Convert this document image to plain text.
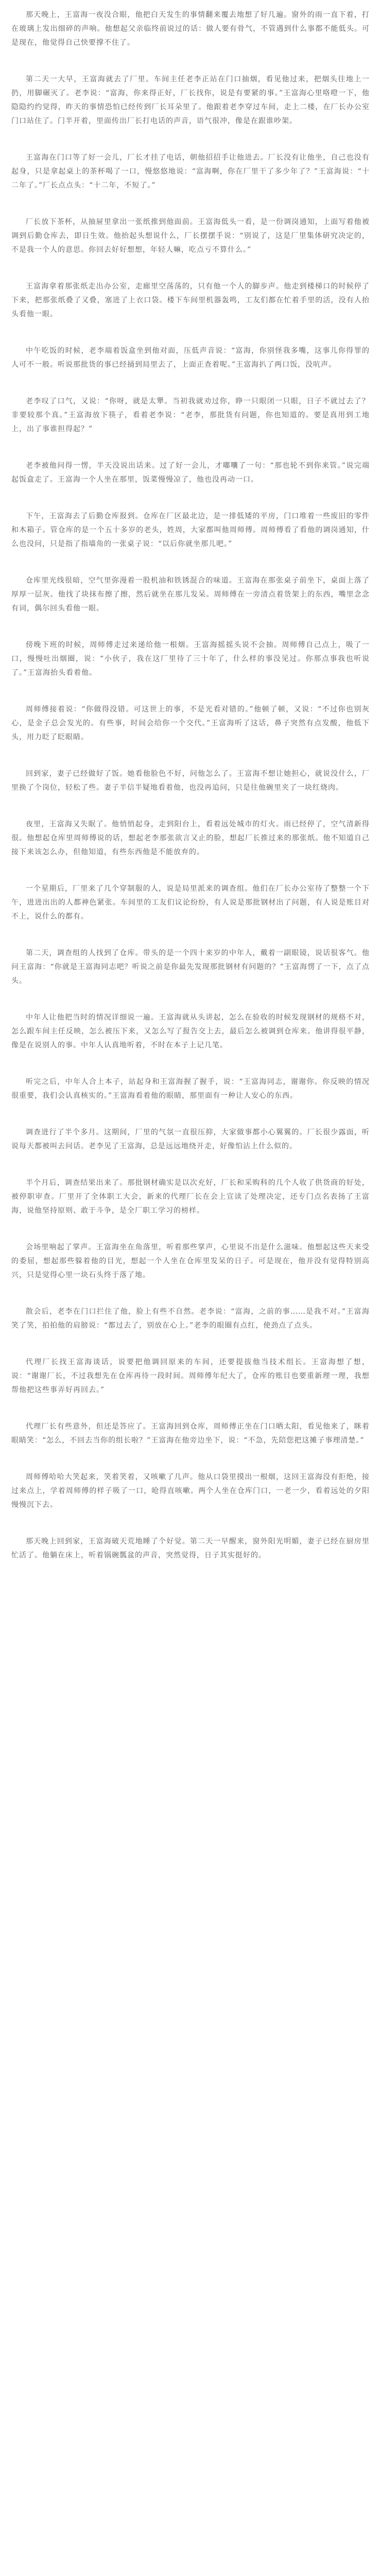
那天晚上，王富海一夜没合眼，他把白天发生的事情翻来覆去地想了好几遍。窗外的雨一直下着，打在玻璃上发出细碎的声响。他想起父亲临终前说过的话：做人要有骨气，不管遇到什么事都不能低头。可是现在，他觉得自己快要撑不住了。

第二天一大早，王富海就去了厂里。车间主任老李正站在门口抽烟，看见他过来，把烟头往地上一扔，用脚碾灭了。老李说：“富海，你来得正好，厂长找你，说是有要紧的事。”王富海心里咯噔一下，他隐隐约约觉得，昨天的事情恐怕已经传到厂长耳朵里了。他跟着老李穿过车间，走上二楼，在厂长办公室门口站住了。门半开着，里面传出厂长打电话的声音，语气很冲，像是在跟谁吵架。

王富海在门口等了好一会儿，厂长才挂了电话，朝他招招手让他进去。厂长没有让他坐，自己也没有起身，只是拿起桌上的茶杯喝了一口，慢悠悠地说：“富海啊，你在厂里干了多少年了？”王富海说：“十二年了。”厂长点点头：“十二年，不短了。”

厂长放下茶杯，从抽屉里拿出一张纸推到他面前。王富海低头一看，是一份调岗通知，上面写着他被调到后勤仓库去，即日生效。他抬起头想说什么，厂长摆摆手说：“别说了，这是厂里集体研究决定的，不是我一个人的意思。你回去好好想想，年轻人嘛，吃点亏不算什么。”

王富海拿着那张纸走出办公室，走廊里空荡荡的，只有他一个人的脚步声。他走到楼梯口的时候停了下来，把那张纸叠了又叠，塞进了上衣口袋。楼下车间里机器轰鸣，工友们都在忙着手里的活，没有人抬头看他一眼。

中午吃饭的时候，老李端着饭盒坐到他对面，压低声音说：“富海，你别怪我多嘴，这事儿你得罪的人可不一般。听说那批货的事已经捅到局里去了，上面正查着呢。”王富海扒了两口饭，没吭声。

老李叹了口气，又说：“你呀，就是太犟。当初我就劝过你，睁一只眼闭一只眼，日子不就过去了？非要较那个真。”王富海放下筷子，看着老李说：“老李，那批货有问题，你也知道的。要是真用到工地上，出了事谁担得起？”

老李被他问得一愣，半天没说出话来。过了好一会儿，才嘟囔了一句：“那也轮不到你来管。”说完端起饭盒走了。王富海一个人坐在那里，饭菜慢慢凉了，他也没再动一口。

下午，王富海去了后勤仓库报到。仓库在厂区最北边，是一排低矮的平房，门口堆着一些废旧的零件和木箱子。管仓库的是一个五十多岁的老头，姓周，大家都叫他周师傅。周师傅看了看他的调岗通知，什么也没问，只是指了指墙角的一张桌子说：“以后你就坐那儿吧。”

仓库里光线很暗，空气里弥漫着一股机油和铁锈混合的味道。王富海在那张桌子前坐下，桌面上落了厚厚一层灰。他找了块抹布擦了擦，然后就坐在那儿发呆。周师傅在一旁清点着货架上的东西，嘴里念念有词，偶尔回头看他一眼。

傍晚下班的时候，周师傅走过来递给他一根烟。王富海摇摇头说不会抽。周师傅自己点上，吸了一口，慢慢吐出烟圈，说：“小伙子，我在这厂里待了三十年了，什么样的事没见过。你那点事我也听说了。”王富海抬头看着他。

周师傅接着说：“你做得没错。可这世上的事，不是光看对错的。”他顿了顿，又说：“不过你也别灰心，是金子总会发光的。有些事，时间会给你一个交代。”王富海听了这话，鼻子突然有点发酸，他低下头，用力眨了眨眼睛。

回到家，妻子已经做好了饭。她看他脸色不好，问他怎么了。王富海不想让她担心，就说没什么，厂里换了个岗位，轻松了些。妻子半信半疑地看着他，也没再追问，只是往他碗里夹了一块红烧肉。

夜里，王富海又失眠了。他悄悄起身，走到阳台上，看着远处城市的灯火。雨已经停了，空气清新得很。他想起仓库里周师傅说的话，想起老李那张欲言又止的脸，想起厂长推过来的那张纸。他不知道自己接下来该怎么办，但他知道，有些东西他是不能放弃的。

一个星期后，厂里来了几个穿制服的人，说是局里派来的调查组。他们在厂长办公室待了整整一个下午，进进出出的人都神色紧张。车间里的工友们议论纷纷，有人说是那批钢材出了问题，有人说是账目对不上，说什么的都有。

第二天，调查组的人找到了仓库。带头的是一个四十来岁的中年人，戴着一副眼镜，说话很客气。他问王富海：“你就是王富海同志吧？听说之前是你最先发现那批钢材有问题的？”王富海愣了一下，点了点头。

中年人让他把当时的情况详细说一遍。王富海就从头讲起，怎么在验收的时候发现钢材的规格不对，怎么跟车间主任反映，怎么被压下来，又怎么写了报告交上去，最后怎么被调到仓库来。他讲得很平静，像是在说别人的事。中年人认真地听着，不时在本子上记几笔。

听完之后，中年人合上本子，站起身和王富海握了握手，说：“王富海同志，谢谢你。你反映的情况很重要，我们会认真核实的。”王富海看着他的眼睛，那里面有一种让人安心的东西。

调查进行了半个多月。这期间，厂里的气氛一直很压抑，大家做事都小心翼翼的。厂长很少露面，听说每天都被叫去问话。老李见了王富海，总是远远地绕开走，好像怕沾上什么似的。

半个月后，调查结果出来了。那批钢材确实是以次充好，厂长和采购科的几个人收了供货商的好处，被停职审查。厂里开了全体职工大会，新来的代理厂长在会上宣读了处理决定，还专门点名表扬了王富海，说他坚持原则、敢于斗争，是全厂职工学习的榜样。

会场里响起了掌声。王富海坐在角落里，听着那些掌声，心里说不出是什么滋味。他想起这些天来受的委屈，想起那些躲着他的目光，想起一个人坐在仓库里发呆的日子。可是现在，他并没有觉得特别高兴，只是觉得心里一块石头终于落了地。

散会后，老李在门口拦住了他，脸上有些不自然。老李说：“富海，之前的事……是我不对。”王富海笑了笑，拍拍他的肩膀说：“都过去了，别放在心上。”老李的眼圈有点红，使劲点了点头。

代理厂长找王富海谈话，说要把他调回原来的车间，还要提拔他当技术组长。王富海想了想，说：“谢谢厂长，不过我想先在仓库再待一段时间。周师傅年纪大了，仓库的账目也要重新理一理，我想帮他把这些事弄好再回去。”

代理厂长有些意外，但还是答应了。王富海回到仓库，周师傅正坐在门口晒太阳，看见他来了，眯着眼睛笑：“怎么，不回去当你的组长啦？”王富海在他旁边坐下，说：“不急，先陪您把这摊子事理清楚。”

周师傅哈哈大笑起来，笑着笑着，又咳嗽了几声。他从口袋里摸出一根烟，这回王富海没有拒绝，接过来点上，学着周师傅的样子吸了一口，呛得直咳嗽。两个人坐在仓库门口，一老一少，看着远处的夕阳慢慢沉下去。

那天晚上回到家，王富海破天荒地睡了个好觉。第二天一早醒来，窗外阳光明媚，妻子已经在厨房里忙活了。他躺在床上，听着锅碗瓢盆的声音，突然觉得，日子其实挺好的。
